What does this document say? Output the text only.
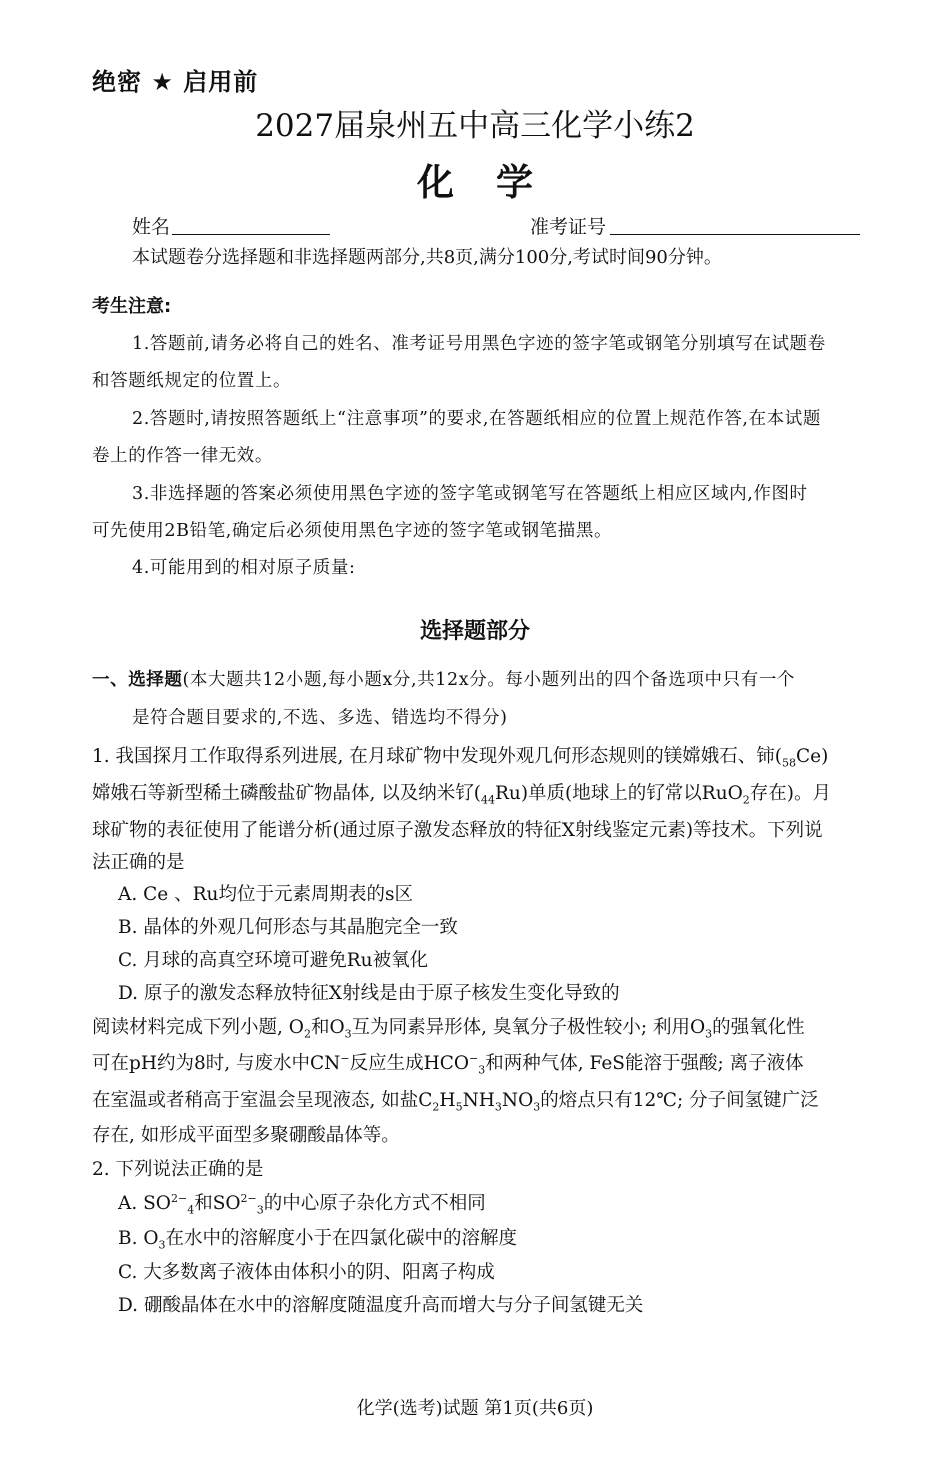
绝密 ★ 启用前
2027届泉州五中高三化学小练2
化学
姓名	准考证号
本试题卷分选择题和非选择题两部分,共8页,满分100分,考试时间90分钟。
考生注意:
1.答题前,请务必将自己的姓名、准考证号用黑色字迹的签字笔或钢笔分别填写在试题卷
和答题纸规定的位置上。
2.答题时,请按照答题纸上“注意事项”的要求,在答题纸相应的位置上规范作答,在本试题
卷上的作答一律无效。
3.非选择题的答案必须使用黑色字迹的签字笔或钢笔写在答题纸上相应区域内,作图时
可先使用2B铅笔,确定后必须使用黑色字迹的签字笔或钢笔描黑。
4.可能用到的相对原子质量:
选择题部分
一、选择题(本大题共12小题,每小题x分,共12x分。每小题列出的四个备选项中只有一个
是符合题目要求的,不选、多选、错选均不得分)
1. 我国探月工作取得系列进展, 在月球矿物中发现外观几何形态规则的镁嫦娥石、铈$(_{58}Ce)$
嫦娥石等新型稀土磷酸盐矿物晶体, 以及纳米钌$(_{44}Ru)$单质(地球上的钌常以RuO$_2$存在)。月
球矿物的表征使用了能谱分析(通过原子激发态释放的特征X射线鉴定元素)等技术。下列说
法正确的是
A. Ce 、Ru均位于元素周期表的s区
B. 晶体的外观几何形态与其晶胞完全一致
C. 月球的高真空环境可避免Ru被氧化
D. 原子的激发态释放特征X射线是由于原子核发生变化导致的
阅读材料完成下列小题, $O_2$和$O_3$互为同素异形体, 臭氧分子极性较小; 利用$O_3$的强氧化性
可在pH约为8时, 与废水中CN−反应生成$HCO^-_3$和两种气体, FeS能溶于强酸; 离子液体
在室温或者稍高于室温会呈现液态, 如盐$C_2H_5NH_3NO_3$的熔点只有12℃; 分子间氢键广泛
存在, 如形成平面型多聚硼酸晶体等。
2. 下列说法正确的是
A. $SO^{2-}_4$和$SO^{2-}_3$的中心原子杂化方式不相同
B. $O_3$在水中的溶解度小于在四氯化碳中的溶解度
C. 大多数离子液体由体积小的阴、阳离子构成
D. 硼酸晶体在水中的溶解度随温度升高而增大与分子间氢键无关
化学(选考)试题 第1页(共6页)
